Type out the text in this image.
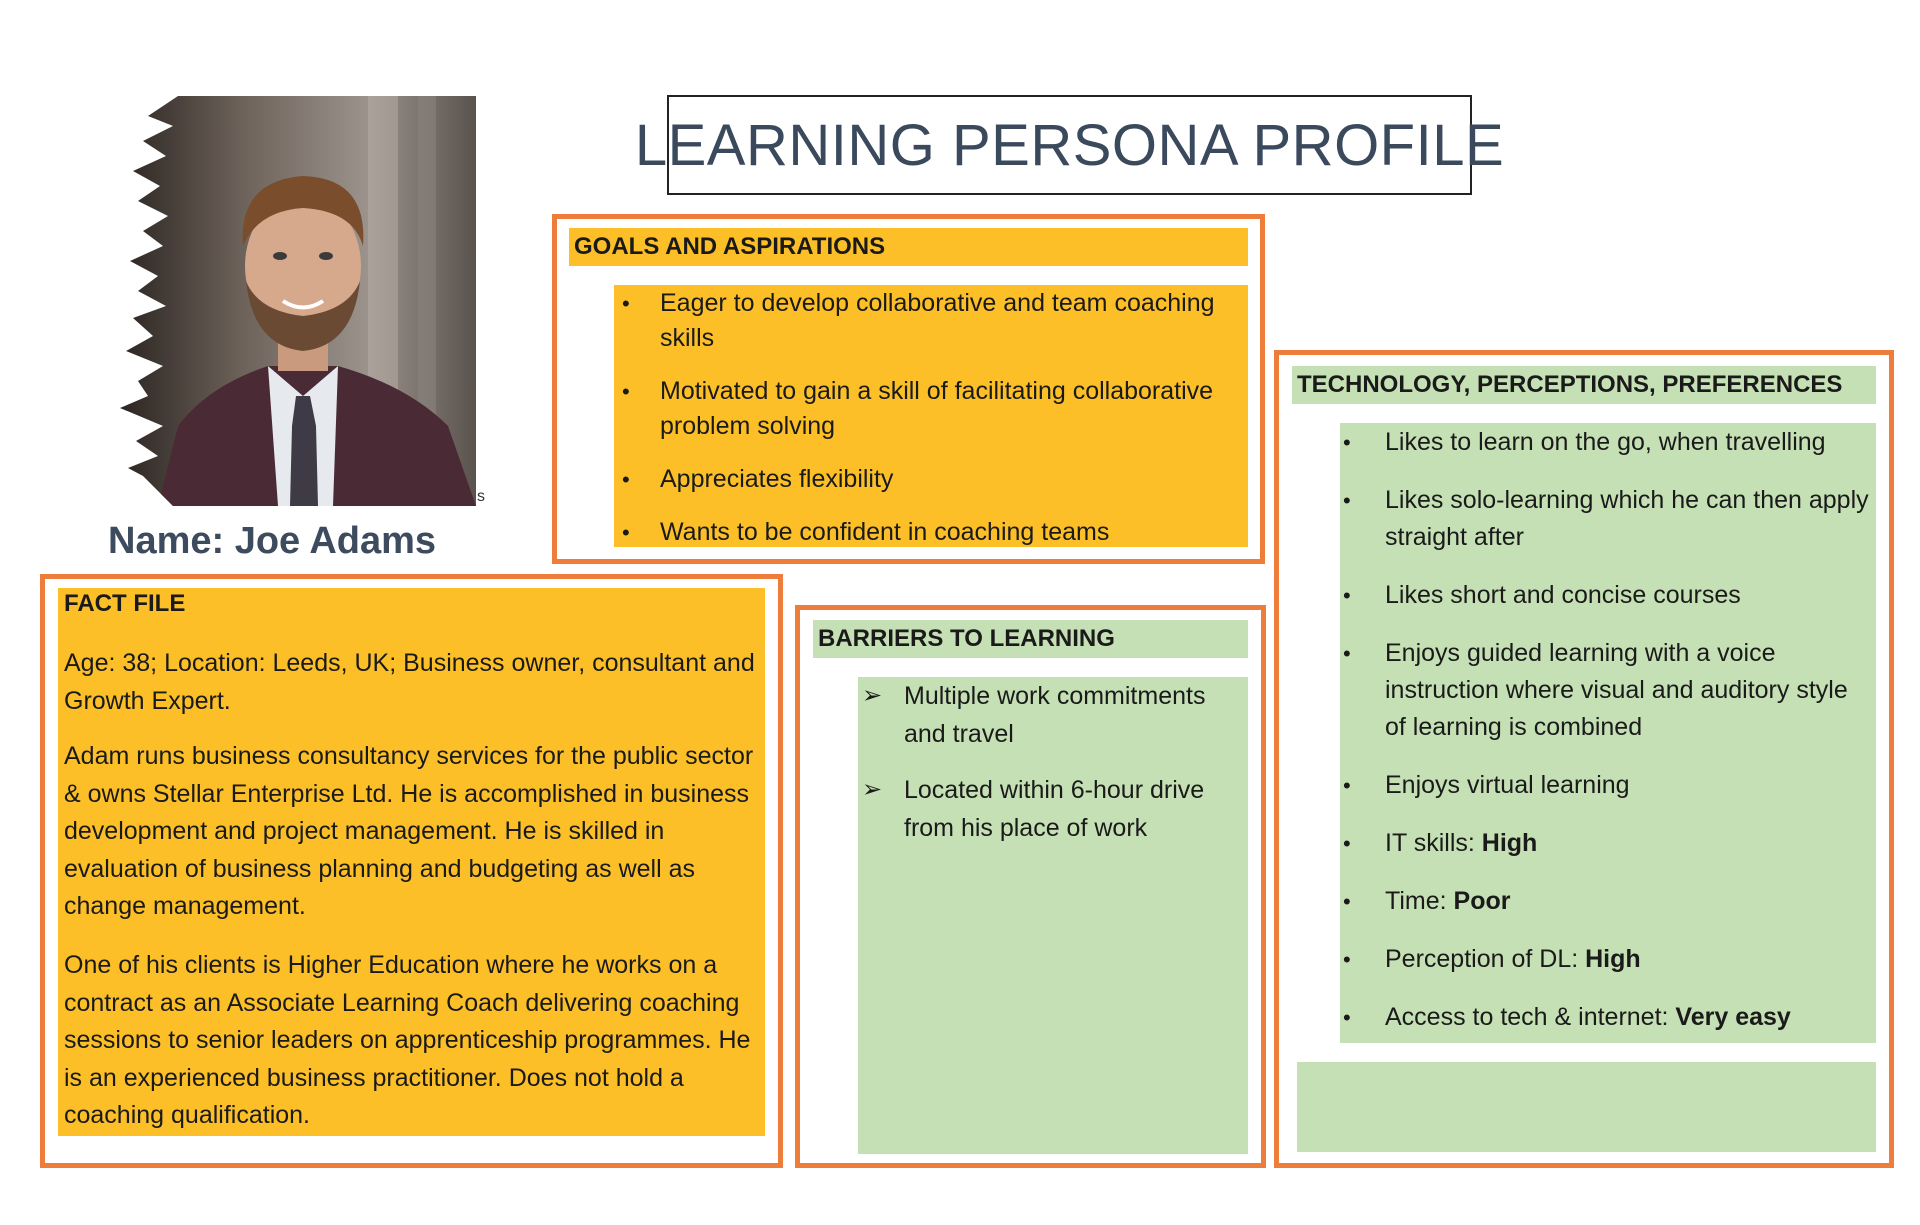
LEARNING PERSONA PROFILE
s
Name: Joe Adams
GOALS AND ASPIRATIONS
• Eager to develop collaborative and team coaching skills
• Motivated to gain a skill of facilitating collaborative problem solving
• Appreciates flexibility
• Wants to be confident in coaching teams
FACT FILE

Age: 38; Location: Leeds, UK; Business owner, consultant and Growth Expert.

Adam runs business consultancy services for the public sector & owns Stellar Enterprise Ltd. He is accomplished in business development and project management. He is skilled in evaluation of business planning and budgeting as well as change management.

One of his clients is Higher Education where he works on a contract as an Associate Learning Coach delivering coaching sessions to senior leaders on apprenticeship programmes. He is an experienced business practitioner. Does not hold a coaching qualification.

BARRIERS TO LEARNING
➢ Multiple work commitments and travel
➢ Located within 6-hour drive from his place of work
TECHNOLOGY, PERCEPTIONS, PREFERENCES
• Likes to learn on the go, when travelling
• Likes solo-learning which he can then apply straight after
• Likes short and concise courses
• Enjoys guided learning with a voice instruction where visual and auditory style of learning is combined
• Enjoys virtual learning
• IT skills: High
• Time: Poor
• Perception of DL: High
• Access to tech & internet: Very easy
